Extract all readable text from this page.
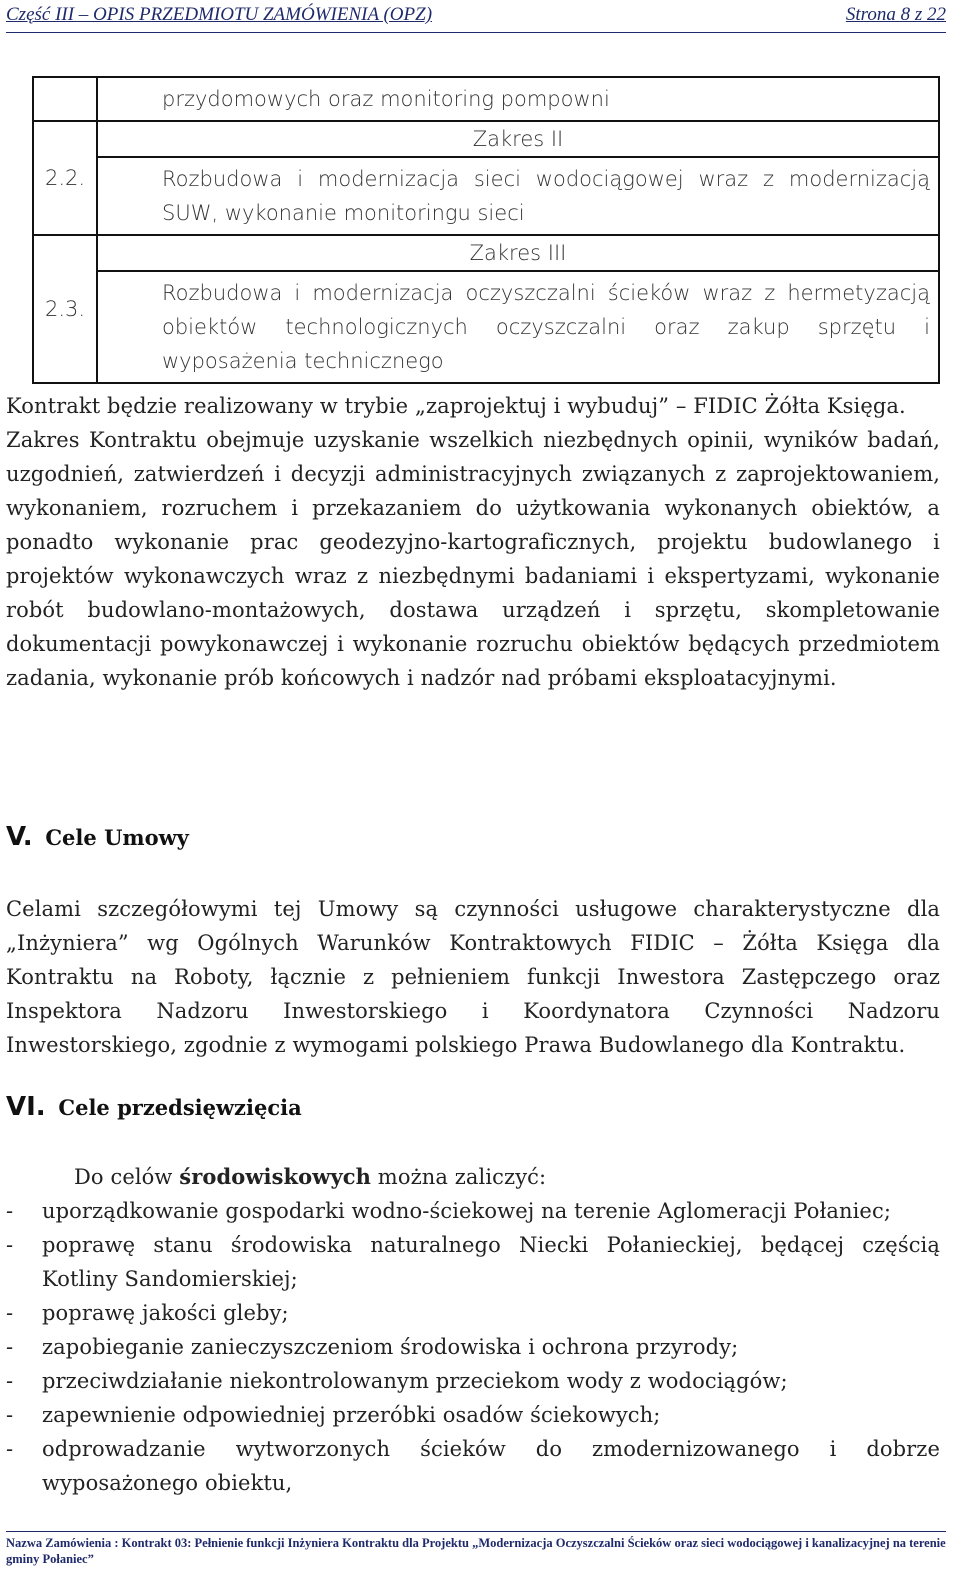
Część III – OPIS PRZEDMIOTU ZAMÓWIENIA (OPZ)	Strona 8 z 22
	przydomowych oraz monitoring pompowni
2.2.	Zakres II
	Rozbudowa i modernizacja sieci wodociągowej wraz z modernizacją SUW, wykonanie monitoringu sieci
2.3.	Zakres III
	Rozbudowa i modernizacja oczyszczalni ścieków wraz z hermetyzacją obiektów technologicznych oczyszczalni oraz zakup sprzętu i wyposażenia technicznego

Kontrakt będzie realizowany w trybie „zaprojektuj i wybuduj” – FIDIC Żółta Księga.

Zakres Kontraktu obejmuje uzyskanie wszelkich niezbędnych opinii, wyników badań, uzgodnień, zatwierdzeń i decyzji administracyjnych związanych z zaprojektowaniem, wykonaniem, rozruchem i przekazaniem do użytkowania wykonanych obiektów, a ponadto wykonanie prac geodezyjno-kartograficznych, projektu budowlanego i projektów wykonawczych wraz z niezbędnymi badaniami i ekspertyzami, wykonanie robót budowlano-montażowych, dostawa urządzeń i sprzętu, skompletowanie dokumentacji powykonawczej i wykonanie rozruchu obiektów będących przedmiotem zadania, wykonanie prób końcowych i nadzór nad próbami eksploatacyjnymi.

V. Cele Umowy

Celami szczegółowymi tej Umowy są czynności usługowe charakterystyczne dla „Inżyniera” wg Ogólnych Warunków Kontraktowych FIDIC – Żółta Księga dla Kontraktu na Roboty, łącznie z pełnieniem funkcji Inwestora Zastępczego oraz Inspektora Nadzoru Inwestorskiego i Koordynatora Czynności Nadzoru Inwestorskiego, zgodnie z wymogami polskiego Prawa Budowlanego dla Kontraktu.

VI. Cele przedsięwzięcia

Do celów środowiskowych można zaliczyć:

- uporządkowanie gospodarki wodno-ściekowej na terenie Aglomeracji Połaniec;
- poprawę stanu środowiska naturalnego Niecki Połanieckiej, będącej częścią Kotliny Sandomierskiej;
- poprawę jakości gleby;
- zapobieganie zanieczyszczeniom środowiska i ochrona przyrody;
- przeciwdziałanie niekontrolowanym przeciekom wody z wodociągów;
- zapewnienie odpowiedniej przeróbki osadów ściekowych;
- odprowadzanie wytworzonych ścieków do zmodernizowanego i dobrze wyposażonego obiektu,
Nazwa Zamówienia : Kontrakt 03: Pełnienie funkcji Inżyniera Kontraktu dla Projektu „Modernizacja Oczyszczalni Ścieków oraz sieci wodociągowej i kanalizacyjnej na terenie gminy Połaniec”
